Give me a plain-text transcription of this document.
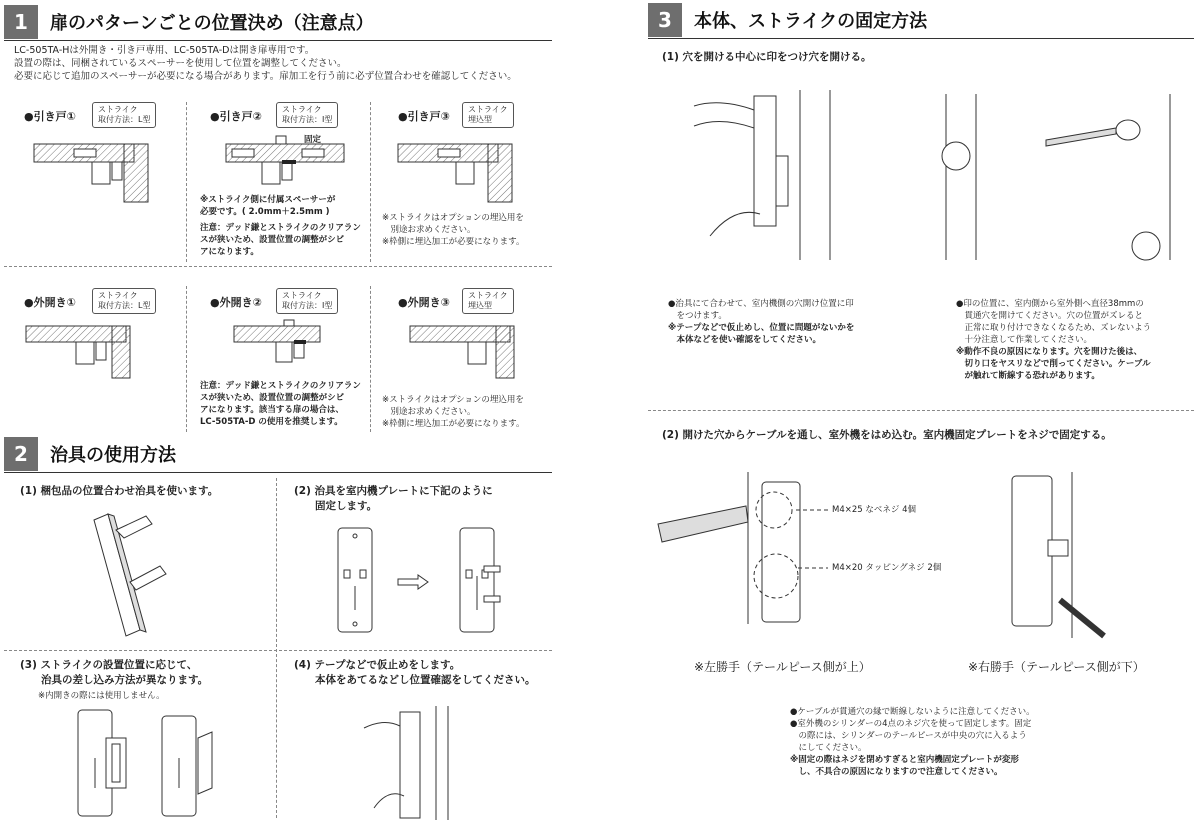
1	扉のパターンごとの位置決め（注意点）
LC-505TA-Hは外開き・引き戸専用、LC-505TA-Dは開き扉専用です。
設置の際は、同梱されているスペーサーを使用して位置を調整してください。
必要に応じて追加のスペーサーが必要になる場合があります。扉加工を行う前に必ず位置合わせを確認してください。
●引き戸①
ストライク
取付方法：L型	●引き戸②
ストライク
取付方法：I型	●引き戸③
ストライク
埋込型
固定
※ストライク側に付属スペーサーが
必要です。( 2.0mm＋2.5mm )
注意：デッド鎌とストライクのクリアラン
スが狭いため、設置位置の調整がシビ
アになります。
※ストライクはオプションの埋込用を
　別途お求めください。
※枠側に埋込加工が必要になります。
●外開き①
ストライク
取付方法：L型	●外開き②
ストライク
取付方法：I型	●外開き③
ストライク
埋込型
注意：デッド鎌とストライクのクリアラン
スが狭いため、設置位置の調整がシビ
アになります。該当する扉の場合は、
LC-505TA-D の使用を推奨します。
※ストライクはオプションの埋込用を
　別途お求めください。
※枠側に埋込加工が必要になります。
2	治具の使用方法
(1) 梱包品の位置合わせ治具を使います。	(2) 治具を室内機プレートに下記のように
　　固定します。
(3) ストライクの設置位置に応じて、
　　治具の差し込み方法が異なります。
※内開きの際には使用しません。
(4) テープなどで仮止めをします。
　　本体をあてるなどし位置確認をしてください。
3	本体、ストライクの固定方法
(1) 穴を開ける中心に印をつけ穴を開ける。
●治具にて合わせて、室内機側の穴開け位置に印
　をつけます。
※テープなどで仮止めし、位置に問題がないかを
　本体などを使い確認をしてください。
●印の位置に、室内側から室外側へ直径38mmの
　貫通穴を開けてください。穴の位置がズレると
　正常に取り付けできなくなるため、ズレないよう
　十分注意して作業してください。
※動作不良の原因になります。穴を開けた後は、
　切り口をヤスリなどで削ってください。ケーブル
　が触れて断線する恐れがあります。
(2) 開けた穴からケーブルを通し、室外機をはめ込む。室内機固定プレートをネジで固定する。
M4×25 なベネジ 4個
M4×20 タッピングネジ 2個
※左勝手（テールピース側が上）	※右勝手（テールピース側が下）
●ケーブルが貫通穴の縁で断線しないように注意してください。
●室外機のシリンダーの4点のネジ穴を使って固定します。固定
　の際には、シリンダーのテールピースが中央の穴に入るよう
　にしてください。
※固定の際はネジを閉めすぎると室内機固定プレートが変形
　し、不具合の原因になりますので注意してください。
